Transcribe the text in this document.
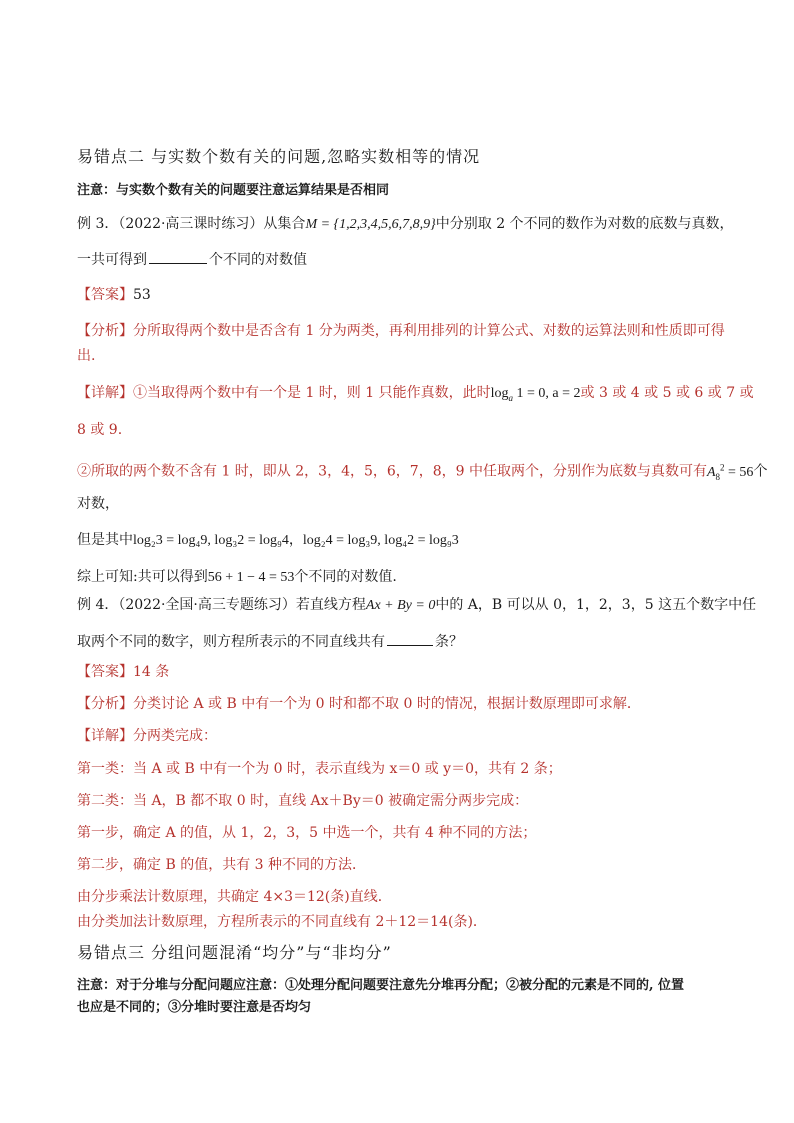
易错点二 与实数个数有关的问题,忽略实数相等的情况
注意：与实数个数有关的问题要注意运算结果是否相同
例 3．（2022·高三课时练习）从集合M = {1,2,3,4,5,6,7,8,9}中分别取 2 个不同的数作为对数的底数与真数，
一共可得到	个不同的对数值
【答案】53
【分析】分所取得两个数中是否含有 1 分为两类，再利用排列的计算公式、对数的运算法则和性质即可得
出.
【详解】①当取得两个数中有一个是 1 时，则 1 只能作真数，此时$\log_a 1 = 0$, a = 2或 3 或 4 或 5 或 6 或 7 或
8 或 9.
②所取的两个数不含有 1 时，即从 2，3，4，5，6，7，8，9 中任取两个，分别作为底数与真数可有$A_8^2 = 56$个
对数，
但是其中log₂3 = log₄9, log₃2 = log₉4，log₂4 = log₃9, log₄2 = log₉3
综上可知:共可以得到56 + 1 − 4 = 53个不同的对数值.
例 4．（2022·全国·高三专题练习）若直线方程Ax + By = 0中的 A，B 可以从 0，1，2，3，5 这五个数字中任
取两个不同的数字，则方程所表示的不同直线共有	条？
【答案】14 条
【分析】分类讨论 A 或 B 中有一个为 0 时和都不取 0 时的情况，根据计数原理即可求解．
【详解】分两类完成：
第一类：当 A 或 B 中有一个为 0 时，表示直线为 x＝0 或 y＝0，共有 2 条；
第二类：当 A，B 都不取 0 时，直线 Ax＋By＝0 被确定需分两步完成：
第一步，确定 A 的值，从 1，2，3，5 中选一个，共有 4 种不同的方法；
第二步，确定 B 的值，共有 3 种不同的方法．
由分步乘法计数原理，共确定 4×3＝12(条)直线．
由分类加法计数原理，方程所表示的不同直线有 2＋12＝14(条)．
易错点三 分组问题混淆“均分”与“非均分”
注意：对于分堆与分配问题应注意：①处理分配问题要注意先分堆再分配；②被分配的元素是不同的, 位置
也应是不同的；③分堆时要注意是否均匀
